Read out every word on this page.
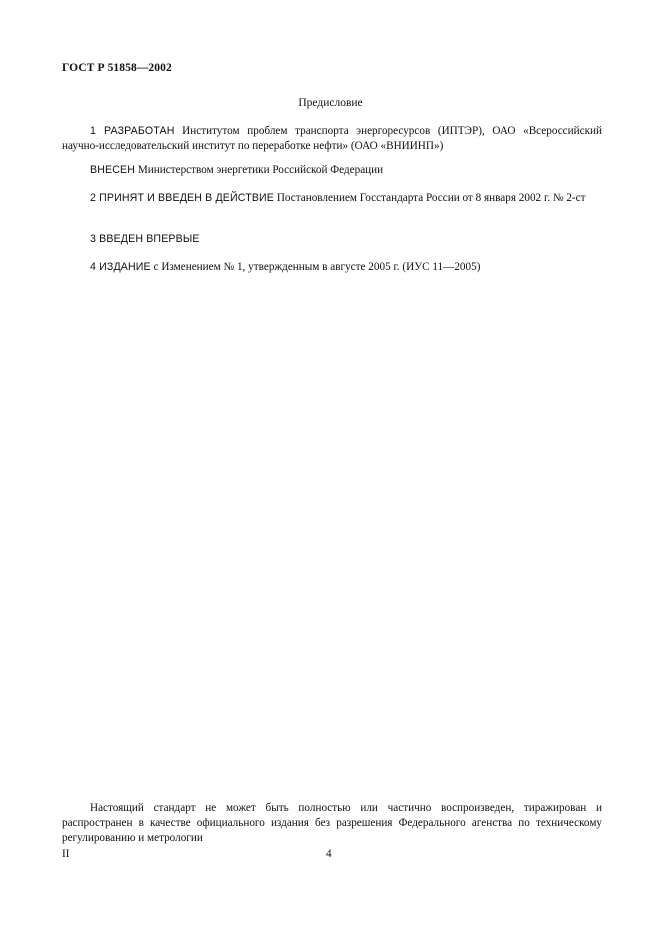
ГОСТ Р 51858—2002
Предисловие

1 РАЗРАБОТАН Институтом проблем транспорта энергоресурсов (ИПТЭР), ОАО «Всероссийский научно-исследовательский институт по переработке нефти» (ОАО «ВНИИНП»)

ВНЕСЕН Министерством энергетики Российской Федерации

2 ПРИНЯТ И ВВЕДЕН В ДЕЙСТВИЕ Постановлением Госстандарта России от 8 января 2002 г. № 2-ст

3 ВВЕДЕН ВПЕРВЫЕ

4 ИЗДАНИЕ с Изменением № 1, утвержденным в августе 2005 г. (ИУС 11—2005)

Настоящий стандарт не может быть полностью или частично воспроизведен, тиражирован и распространен в качестве официального издания без разрешения Федерального агенства по техническому регулированию и метрологии

II	4
